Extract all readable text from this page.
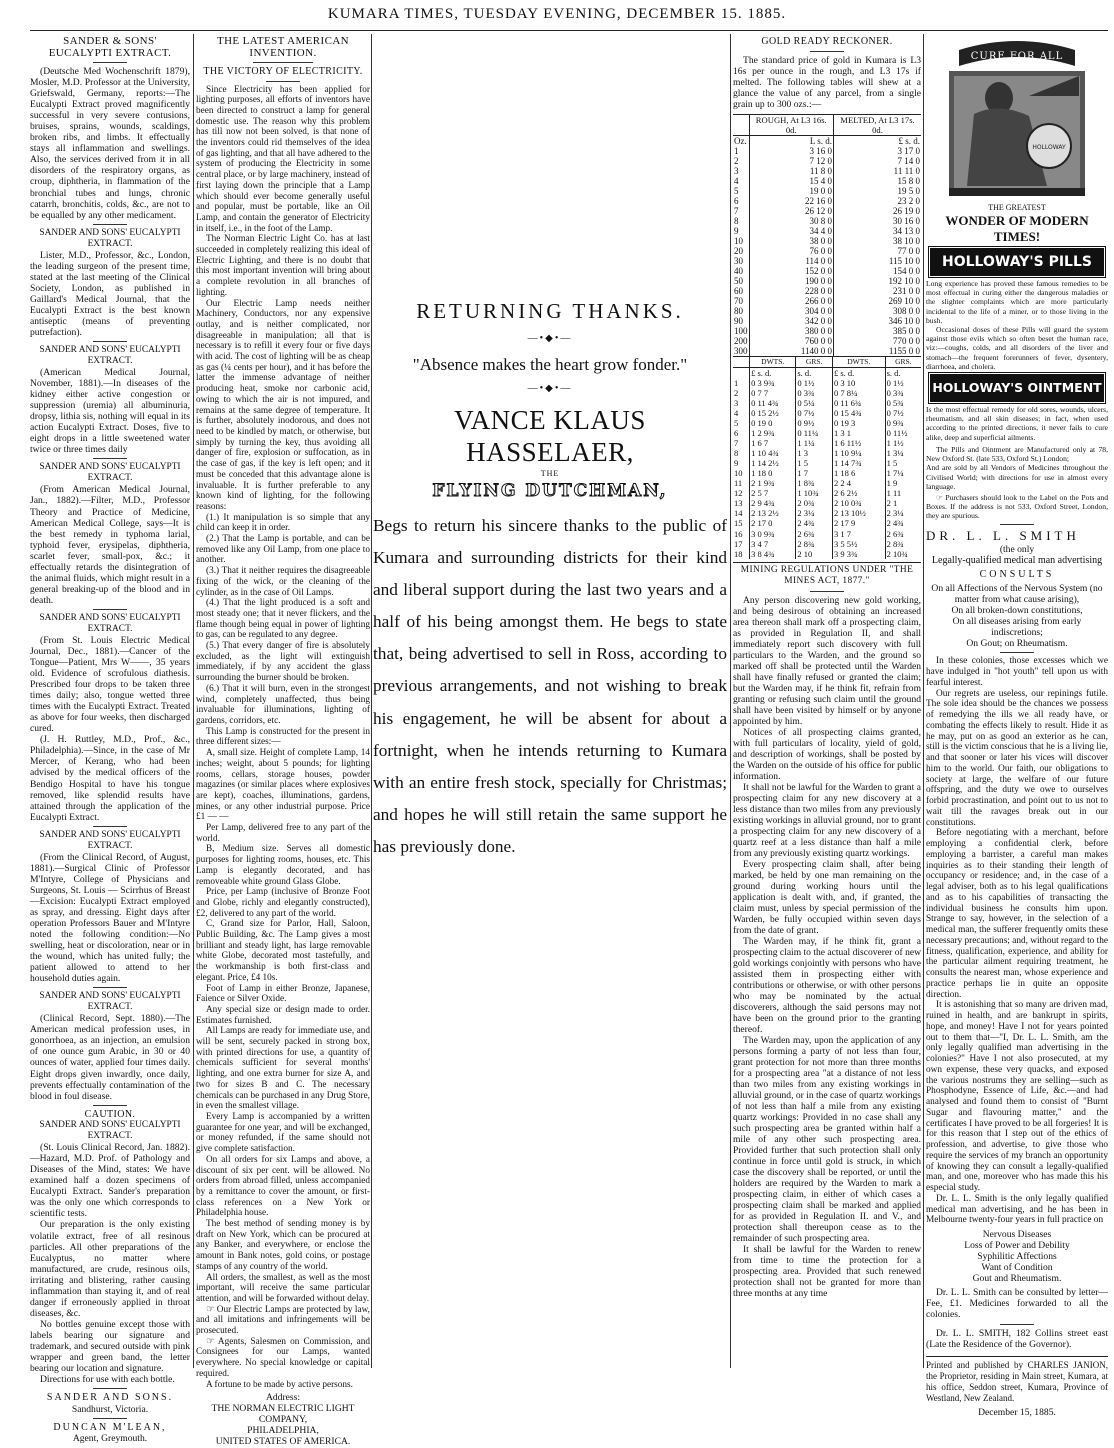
KUMARA TIMES, TUESDAY EVENING, DECEMBER 15. 1885.
SANDER & SONS' EUCALYPTI EXTRACT.

(Deutsche Med Wochenschrift 1879), Mosler, M.D. Professor at the University, Griefswald, Germany, reports:—The Eucalypti Extract proved magnificently successful in very severe contusions, bruises, sprains, wounds, scaldings, broken ribs, and limbs. It effectually stays all inflammation and swellings. Also, the services derived from it in all disorders of the respiratory organs, as croup, diphtheria, in flammation of the bronchial tubes and lungs, chronic catarrh, bronchitis, colds, &c., are not to be equalled by any other medicament.

SANDER AND SONS' EUCALYPTI EXTRACT.

Lister, M.D., Professor, &c., London, the leading surgeon of the present time, stated at the last meeting of the Clinical Society, London, as published in Gaillard's Medical Journal, that the Eucalypti Extract is the best known antiseptic (means of preventing putrefaction).

SANDER AND SONS' EUCALYPTI EXTRACT.

(American Medical Journal, November, 1881).—In diseases of the kidney either active congestion or suppression (uremia) all albuminuria, dropsy, lithia sis, nothing will equal in its action Eucalypti Extract. Doses, five to eight drops in a little sweetened water twice or three times daily

SANDER AND SONS' EUCALYPTI EXTRACT.

(From American Medical Journal, Jan., 1882).—Filter, M.D., Professor Theory and Practice of Medicine, American Medical College, says—It is the best remedy in typhoma larial, typhoid fever, erysipelas, diphtheria, scarlet fever, small-pox, &c.; it effectually retards the disintegration of the animal fluids, which might result in a general breaking-up of the blood and in death.

SANDER AND SONS' EUCALYPTI EXTRACT.

(From St. Louis Electric Medical Journal, Dec., 1881).—Cancer of the Tongue—Patient, Mrs W——, 35 years old. Evidence of scrofulous diathesis. Prescribed four drops to be taken three times daily; also, tongue wetted three times with the Eucalypti Extract. Treated as above for four weeks, then discharged cured.

(J. H. Ruttley, M.D., Prof., &c., Philadelphia).—Since, in the case of Mr Mercer, of Kerang, who had been advised by the medical officers of the Bendigo Hospital to have his tongue removed, like splendid results have attained through the application of the Eucalypti Extract.

SANDER AND SONS' EUCALYPTI EXTRACT.

(From the Clinical Record, of August, 1881).—Surgical Clinic of Professor M'Intyre, College of Physicians and Surgeons, St. Louis — Scirrhus of Breast—Excision: Eucalypti Extract employed as spray, and dressing. Eight days after operation Professors Bauer and M'Intyre noted the following condition:—No swelling, heat or discoloration, near or in the wound, which has united fully; the patient allowed to attend to her household duties again.

SANDER AND SONS' EUCALYPTI EXTRACT.

(Clinical Record, Sept. 1880).—The American medical profession uses, in gonorrhoea, as an injection, an emulsion of one ounce gum Arabic, in 30 or 40 ounces of water, applied four times daily. Eight drops given inwardly, once daily, prevents effectually contamination of the blood in foul disease.

CAUTION.
SANDER AND SONS' EUCALYPTI EXTRACT.

(St. Louis Clinical Record, Jan. 1882).—Hazard, M.D. Prof. of Pathology and Diseases of the Mind, states: We have examined half a dozen specimens of Eucalypti Extract. Sander's preparation was the only one which corresponds to scientific tests.

Our preparation is the only existing volatile extract, free of all resinous particles. All other preparations of the Eucalyptus, no matter where manufactured, are crude, resinous oils, irritating and blistering, rather causing inflammation than staying it, and of real danger if erroneously applied in throat diseases, &c.

No bottles genuine except those with labels bearing our signature and trademark, and secured outside with pink wrapper and green band, the letter bearing our location and signature.

Directions for use with each bottle.

SANDER AND SONS.
Sandhurst, Victoria.
DUNCAN M'LEAN,
Agent, Greymouth.
THE LATEST AMERICAN INVENTION.
THE VICTORY OF ELECTRICITY.

Since Electricity has been applied for lighting purposes, all efforts of inventors have been directed to construct a lamp for general domestic use. The reason why this problem has till now not been solved, is that none of the inventors could rid themselves of the idea of gas lighting, and that all have adhered to the system of producing the Electricity in some central place, or by large machinery, instead of first laying down the principle that a Lamp which should ever become generally useful and popular, must be portable, like an Oil Lamp, and contain the generator of Electricity in itself, i.e., in the foot of the Lamp.

The Norman Electric Light Co. has at last succeeded in completely realizing this ideal of Electric Lighting, and there is no doubt that this most important invention will bring about a complete revolution in all branches of lighting.

Our Electric Lamp needs neither Machinery, Conductors, nor any expensive outlay, and is neither complicated, nor disagreeable in manipulation; all that is necessary is to refill it every four or five days with acid. The cost of lighting will be as cheap as gas (¼ cents per hour), and it has before the latter the immense advantage of neither producing heat, smoke nor carbonic acid, owing to which the air is not impured, and remains at the same degree of temperature. It is further, absolutely inodorous, and does not need to be kindled by match, or otherwise, but simply by turning the key, thus avoiding all danger of fire, explosion or suffocation, as in the case of gas, if the key is left open; and it must be conceded that this advantage alone is invaluable. It is further preferable to any known kind of lighting, for the following reasons:

(1.) It manipulation is so simple that any child can keep it in order.

(2.) That the Lamp is portable, and can be removed like any Oil Lamp, from one place to another.

(3.) That it neither requires the disagreeable fixing of the wick, or the cleaning of the cylinder, as in the case of Oil Lamps.

(4.) That the light produced is a soft and most steady one; that it never flickers, and the flame though being equal in power of lighting to gas, can be regulated to any degree.

(5.) That every danger of fire is absolutely excluded, as the light will extinguish immediately, if by any accident the glass surrounding the burner should be broken.

(6.) That it will burn, even in the strongest wind, completely unaffected, thus being invaluable for illuminations, lighting of gardens, corridors, etc.

This Lamp is constructed for the present in three different sizes:—

A, small size. Height of complete Lamp, 14 inches; weight, about 5 pounds; for lighting rooms, cellars, storage houses, powder magazines (or similar places where explosives are kept), coaches, illuminations, gardens, mines, or any other industrial purpose. Price £1 — —

Per Lamp, delivered free to any part of the world.

B, Medium size. Serves all domestic purposes for lighting rooms, houses, etc. This Lamp is elegantly decorated, and has removeable white ground Glass Globe.

Price, per Lamp (inclusive of Bronze Foot and Globe, richly and elegantly constructed), £2, delivered to any part of the world.

C, Grand size for Parlor, Hall, Saloon, Public Building, &c. The Lamp gives a most brilliant and steady light, has large removable white Globe, decorated most tastefully, and the workmanship is both first-class and elegant. Price, £4 10s.

Foot of Lamp in either Bronze, Japanese, Faience or Silver Oxide.

Any special size or design made to order. Estimates furnished.

All Lamps are ready for immediate use, and will be sent, securely packed in strong box, with printed directions for use, a quantity of chemicals sufficient for several months' lighting, and one extra burner for size A, and two for sizes B and C. The necessary chemicals can be purchased in any Drug Store, in even the smallest village.

Every Lamp is accompanied by a written guarantee for one year, and will be exchanged, or money refunded, if the same should not give complete satisfaction.

On all orders for six Lamps and above, a discount of six per cent. will be allowed. No orders from abroad filled, unless accompanied by a remittance to cover the amount, or first-class references on a New York or Philadelphia house.

The best method of sending money is by draft on New York, which can be procured at any Banker, and everywhere, or enclose the amount in Bank notes, gold coins, or postage stamps of any country of the world.

All orders, the smallest, as well as the most important, will receive the same particular attention, and will be forwarded without delay.

☞ Our Electric Lamps are protected by law, and all imitations and infringements will be prosecuted.

☞ Agents, Salesmen on Commission, and Consignees for our Lamps, wanted everywhere. No special knowledge or capital required.

A fortune to be made by active persons.

Address:
THE NORMAN ELECTRIC LIGHT COMPANY,
PHILADELPHIA,
UNITED STATES OF AMERICA.
RETURNING THANKS.
—•◆•—
"Absence makes the heart grow fonder."
—•◆•—
VANCE KLAUS HASSELAER,
THE
FLYING DUTCHMAN,
Begs to return his sincere thanks to the public of Kumara and surrounding districts for their kind and liberal support during the last two years and a half of his being amongst them. He begs to state that, being advertised to sell in Ross, according to previous arrangements, and not wishing to break his engagement, he will be absent for about a fortnight, when he intends returning to Kumara with an entire fresh stock, specially for Christmas; and hopes he will still retain the same support he has previously done.
GOLD READY RECKONER.

The standard price of gold in Kumara is L3 16s per ounce in the rough, and L3 17s if melted. The following tables will shew at a glance the value of any parcel, from a single grain up to 300 ozs.:—

	ROUGH, At L3 16s. 0d.	MELTED, At L3 17s. 0d.
Oz.	L s. d.	£ s. d.
1	3 16 0	3 17 0
2	7 12 0	7 14 0
3	11 8 0	11 11 0
4	15 4 0	15 8 0
5	19 0 0	19 5 0
6	22 16 0	23 2 0
7	26 12 0	26 19 0
8	30 8 0	30 16 0
9	34 4 0	34 13 0
10	38 0 0	38 10 0
20	76 0 0	77 0 0
30	114 0 0	115 10 0
40	152 0 0	154 0 0
50	190 0 0	192 10 0
60	228 0 0	231 0 0
70	266 0 0	269 10 0
80	304 0 0	308 0 0
90	342 0 0	346 10 0
100	380 0 0	385 0 0
200	760 0 0	770 0 0
300	1140 0 0	1155 0 0
	DWTS.	GRS.	DWTS.	GRS.
	£ s. d.	s. d.	£ s. d.	s. d.
1	0 3 9¾	0 1½	0 3 10	0 1½
2	0 7 7	0 3¾	0 7 8¼	0 3¾
3	0 11 4¾	0 5¼	0 11 6¾	0 5¾
4	0 15 2½	0 7½	0 15 4¾	0 7½
5	0 19 0	0 9½	0 19 3	0 9¾
6	1 2 9¾	0 11¼	1 3 1	0 11½
7	1 6 7	1 1¼	1 6 11½	1 1½
8	1 10 4¾	1 3	1 10 9¼	1 3¼
9	1 14 2½	1 5	1 14 7¾	1 5
10	1 18 0	1 7	1 18 6	1 7¼
11	2 1 9¾	1 8¾	2 2 4	1 9
12	2 5 7	1 10¾	2 6 2½	1 11
13	2 9 4¾	2 0¾	2 10 0¾	2 1
14	2 13 2½	2 3¼	2 13 10½	2 3¼
15	2 17 0	2 4¾	2 17 9	2 4¾
16	3 0 9¾	2 6¾	3 1 7	2 6¾
17	3 4 7	2 8¾	3 5 5½	2 8¾
18	3 8 4¾	2 10	3 9 3¾	2 10¾
MINING REGULATIONS UNDER "THE MINES ACT, 1877."

Any person discovering new gold working, and being desirous of obtaining an increased area thereon shall mark off a prospecting claim, as provided in Regulation II, and shall immediately report such discovery with full particulars to the Warden, and the ground so marked off shall be protected until the Warden shall have finally refused or granted the claim; but the Warden may, if he think fit, refrain from granting or refusing such claim until the ground shall have been visited by himself or by anyone appointed by him.

Notices of all prospecting claims granted, with full particulars of locality, yield of gold, and description of workings, shall be posted by the Warden on the outside of his office for public information.

It shall not be lawful for the Warden to grant a prospecting claim for any new discovery at a less distance than two miles from any previously existing workings in alluvial ground, nor to grant a prospecting claim for any new discovery of a quartz reef at a less distance than half a mile from any previously existing quartz workings.

Every prospecting claim shall, after being marked, be held by one man remaining on the ground during working hours until the application is dealt with, and, if granted, the claim must, unless by special permission of the Warden, be fully occupied within seven days from the date of grant.

The Warden may, if he think fit, grant a prospecting claim to the actual discoverer of new gold workings conjointly with persons who have assisted them in prospecting either with contributions or otherwise, or with other persons who may be nominated by the actual discoverers, although the said persons may not have been on the ground prior to the granting thereof.

The Warden may, upon the application of any persons forming a party of not less than four, grant protection for not more than three months for a prospecting area "at a distance of not less than two miles from any existing workings in alluvial ground, or in the case of quartz workings of not less than half a mile from any existing quartz workings: Provided in no case shall any such prospecting area be granted within half a mile of any other such prospecting area. Provided further that such protection shall only continue in force until gold is struck, in which case the discovery shall be reported, or until the holders are required by the Warden to mark a prospecting claim, in either of which cases a prospecting claim shall be marked and applied for as provided in Regulation II. and V., and protection shall thereupon cease as to the remainder of such prospecting area.

It shall be lawful for the Warden to renew from time to time the protection for a prospecting area. Provided that such renewed protection shall not be granted for more than three months at any time

CURE FOR ALL
HOLLOWAY
THE GREATEST
WONDER OF MODERN TIMES!
HOLLOWAY'S PILLS

Long experience has proved these famous remedies to be most effectual in curing either the dangerous maladies or the slighter complaints which are more particularly incidental to the life of a miner, or to those living in the bush.

Occasional doses of these Pills will guard the system against those evils which so often beset the human race, viz:—coughs, colds, and all disorders of the liver and stomach—the frequent forerunners of fever, dysentery, diarrhoea, and cholera.

HOLLOWAY'S OINTMENT

Is the most effectual remedy for old sores, wounds, ulcers, rheumatism, and all skin diseases; in fact, when used according to the printed directions, it never fails to cure alike, deep and superficial ailments.

The Pills and Ointment are Manufactured only at 78, New Oxford St. (late 533, Oxford St.) London;

And are sold by all Vendors of Medicines throughout the Civilised World; with directions for use in almost every language.

☞ Purchasers should look to the Label on the Pots and Boxes. If the address is not 533, Oxford Street, London, they are spurious.

DR. L. L. SMITH
(the only
Legally-qualified medical man advertising
CONSULTS
On all Affections of the Nervous System (no matter from what cause arising),
On all broken-down constitutions,
On all diseases arising from early indiscretions;
On Gout; on Rheumatism.

In these colonies, those excesses which we have indulged in "hot youth" tell upon us with fearful interest.

Our regrets are useless, our repinings futile. The sole idea should be the chances we possess of remedying the ills we all ready have, or combating the effects likely to result. Hide it as he may, put on as good an exterior as he can, still is the victim conscious that he is a living lie, and that sooner or later his vices will discover him to the world. Our faith, our obligations to society at large, the welfare of our future offspring, and the duty we owe to ourselves forbid procrastination, and point out to us not to wait till the ravages break out in our constitutions.

Before negotiating with a merchant, before employing a confidential clerk, before employing a barrister, a careful man makes inquiries as to their standing their length of occupancy or residence; and, in the case of a legal adviser, both as to his legal qualifications and as to his capabilities of transacting the individual business he consults him upon. Strange to say, however, in the selection of a medical man, the sufferer frequently omits these necessary precautions; and, without regard to the fitness, qualification, experience, and ability for the particular ailment requiring treatment, he consults the nearest man, whose experience and practice perhaps lie in quite an opposite direction.

It is astonishing that so many are driven mad, ruined in health, and are bankrupt in spirits, hope, and money! Have I not for years pointed out to them that—"I, Dr. L. L. Smith, am the only legally qualified man advertising in the colonies?" Have I not also prosecuted, at my own expense, these very quacks, and exposed the various nostrums they are selling—such as Phosphodyne, Essence of Life, &c.—and had analysed and found them to consist of "Burnt Sugar and flavouring matter," and the certificates I have proved to be all forgeries! It is for this reason that I step out of the ethics of profession, and advertise, to give those who require the services of my branch an opportunity of knowing they can consult a legally-qualified man, and one, moreover who has made this his especial study.

Dr. L. L. Smith is the only legally qualified medical man advertising, and he has been in Melbourne twenty-four years in full practice on

Nervous Diseases
Loss of Power and Debility
Syphilitic Affections
Want of Condition
Gout and Rheumatism.

Dr. L. L. Smith can be consulted by letter—Fee, £1. Medicines forwarded to all the colonies.

Dr. L. L. SMITH, 182 Collins street east (Late the Residence of the Governor).

Printed and published by CHARLES JANION, the Proprietor, residing in Main street, Kumara, at his office, Seddon street, Kumara, Province of Westland, New Zealand.

December 15, 1885.
